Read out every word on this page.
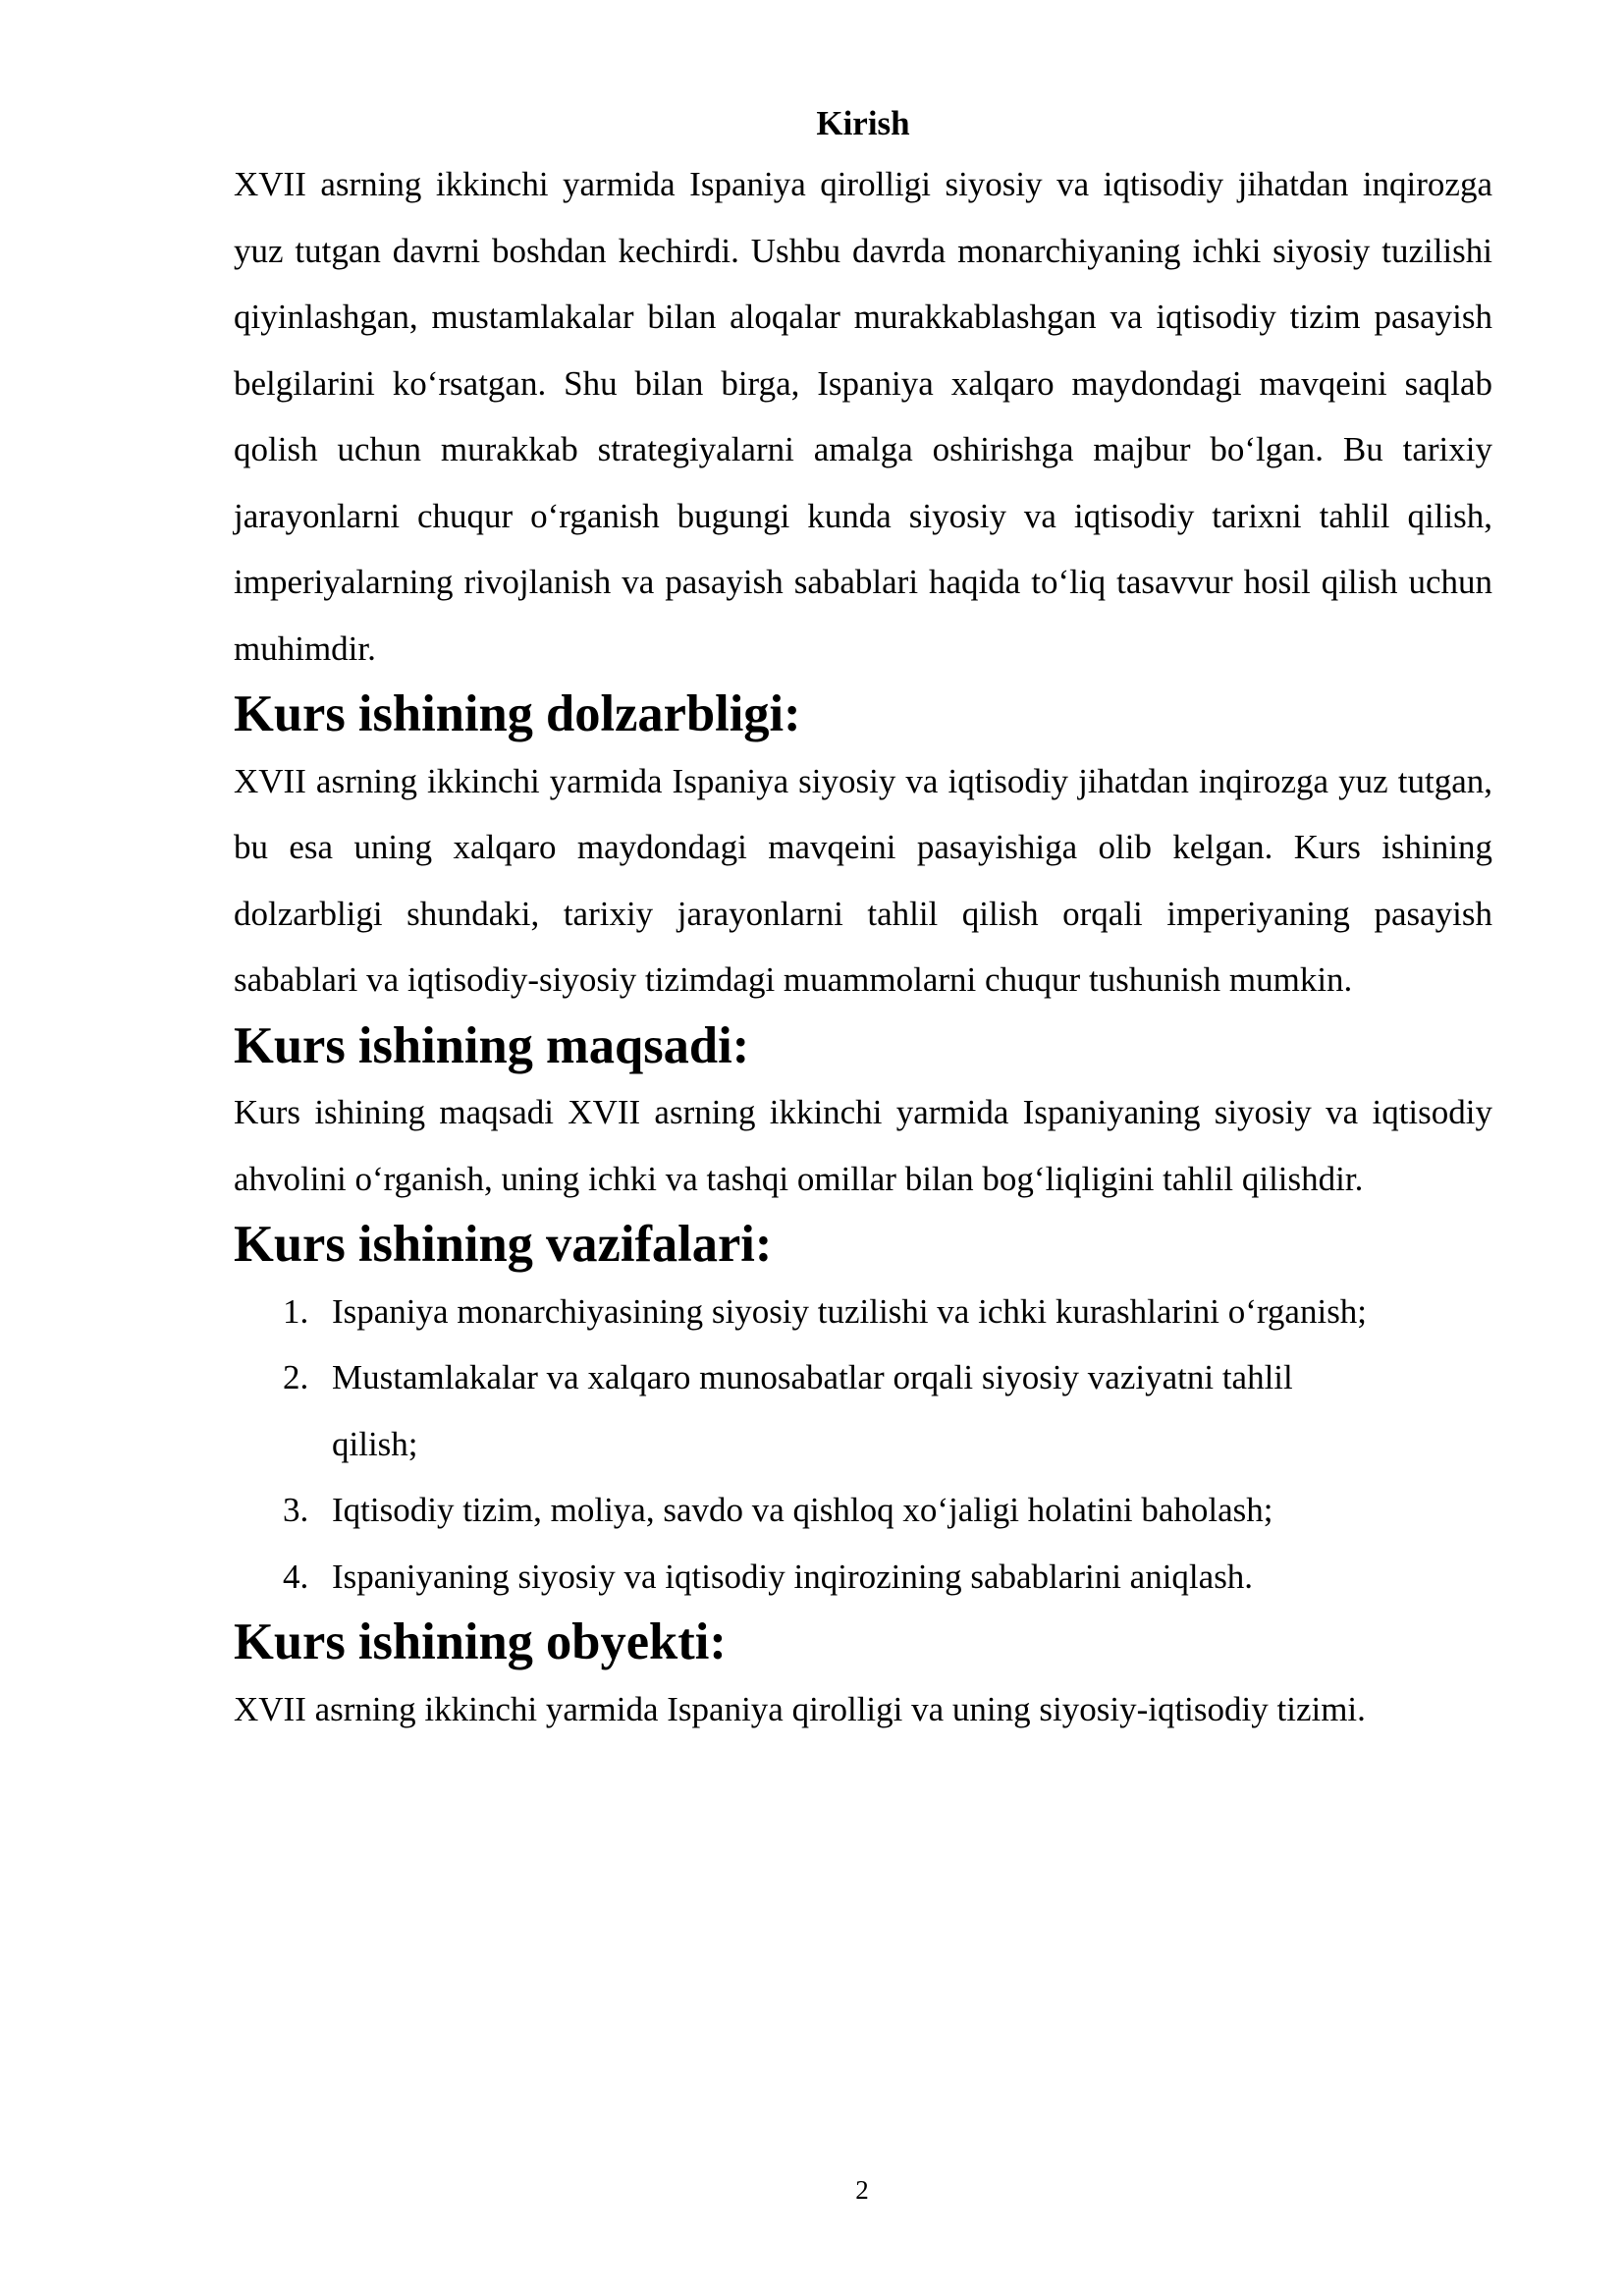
Kirish

XVII asrning ikkinchi yarmida Ispaniya qirolligi siyosiy va iqtisodiy jihatdan inqirozga yuz tutgan davrni boshdan kechirdi. Ushbu davrda monarchiyaning ichki siyosiy tuzilishi qiyinlashgan, mustamlakalar bilan aloqalar murakkablashgan va iqtisodiy tizim pasayish belgilarini ko‘rsatgan. Shu bilan birga, Ispaniya xalqaro maydondagi mavqeini saqlab qolish uchun murakkab strategiyalarni amalga oshirishga majbur bo‘lgan. Bu tarixiy jarayonlarni chuqur o‘rganish bugungi kunda siyosiy va iqtisodiy tarixni tahlil qilish, imperiyalarning rivojlanish va pasayish sabablari haqida to‘liq tasavvur hosil qilish uchun muhimdir.

Kurs ishining dolzarbligi:

XVII asrning ikkinchi yarmida Ispaniya siyosiy va iqtisodiy jihatdan inqirozga yuz tutgan, bu esa uning xalqaro maydondagi mavqeini pasayishiga olib kelgan. Kurs ishining dolzarbligi shundaki, tarixiy jarayonlarni tahlil qilish orqali imperiyaning pasayish sabablari va iqtisodiy-siyosiy tizimdagi muammolarni chuqur tushunish mumkin.

Kurs ishining maqsadi:

Kurs ishining maqsadi XVII asrning ikkinchi yarmida Ispaniyaning siyosiy va iqtisodiy ahvolini o‘rganish, uning ichki va tashqi omillar bilan bog‘liqligini tahlil qilishdir.

Kurs ishining vazifalari:
1. Ispaniya monarchiyasining siyosiy tuzilishi va ichki kurashlarini o‘rganish;
2. Mustamlakalar va xalqaro munosabatlar orqali siyosiy vaziyatni tahlil qilish;
3. Iqtisodiy tizim, moliya, savdo va qishloq xo‘jaligi holatini baholash;
4. Ispaniyaning siyosiy va iqtisodiy inqirozining sabablarini aniqlash.
Kurs ishining obyekti:

XVII asrning ikkinchi yarmida Ispaniya qirolligi va uning siyosiy-iqtisodiy tizimi.

2
